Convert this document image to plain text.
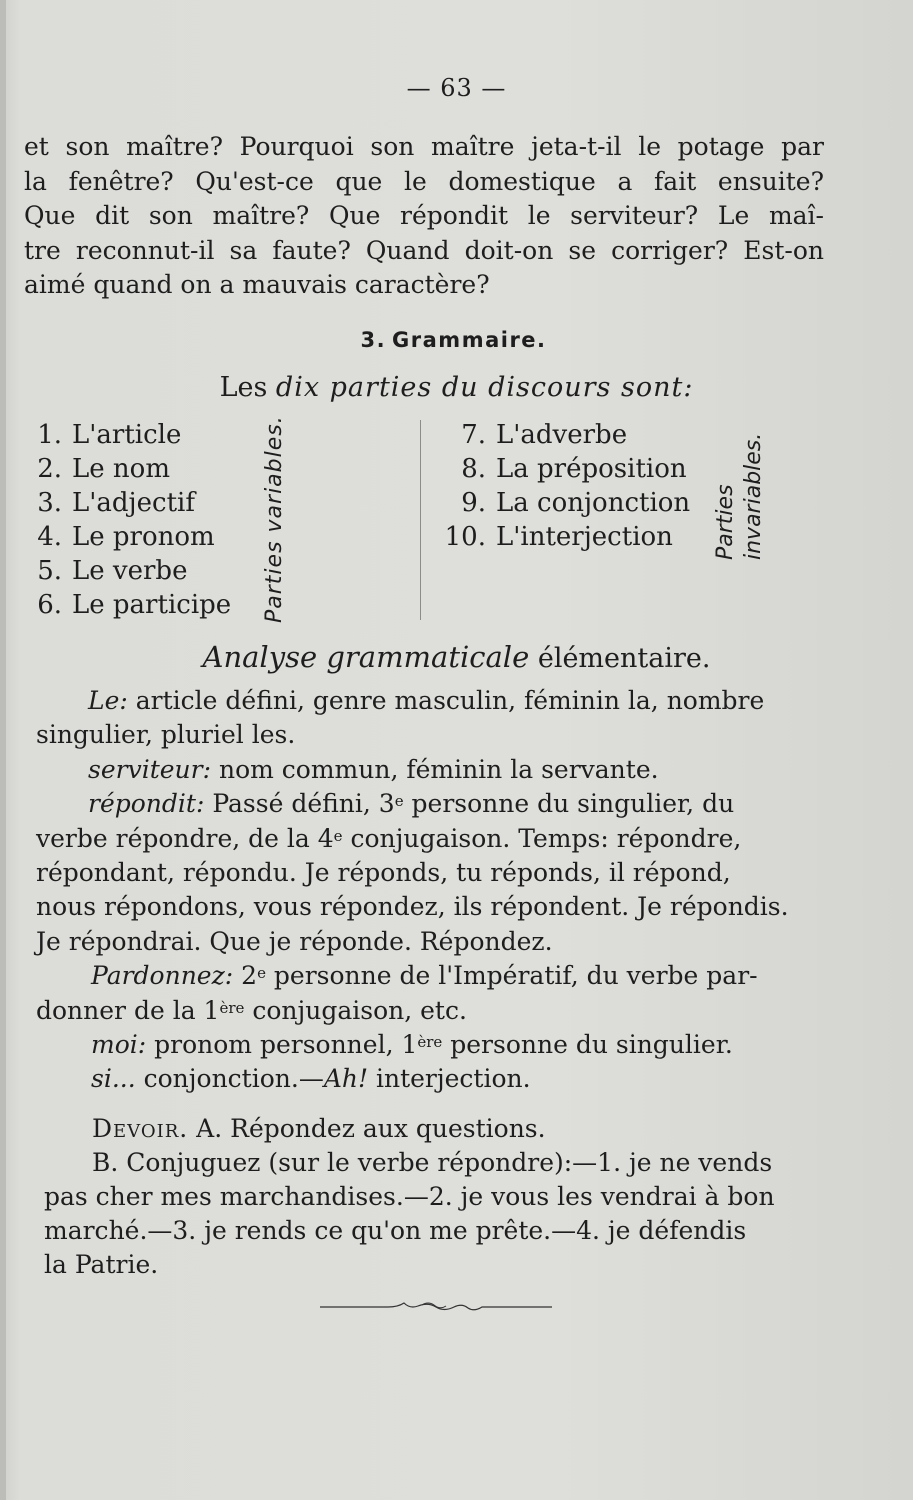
— 63 —
et son maître? Pourquoi son maître jeta-t-il le potage par
la fenêtre? Qu'est-ce que le domestique a fait ensuite?
Que dit son maître? Que répondit le serviteur? Le maî-
tre reconnut-il sa faute? Quand doit-on se corriger? Est-on
aimé quand on a mauvais caractère?
3. Grammaire.
Les dix parties du discours sont:
1. L'article
2. Le nom
3. L'adjectif
4. Le pronom
5. Le verbe
6. Le participe Parties variables.	7. L'adverbe
8. La préposition
9. La conjonction
10. L'interjection	Parties invariables.
Analyse grammaticale élémentaire.
Le: article défini, genre masculin, féminin la, nombre
singulier, pluriel les.
serviteur: nom commun, féminin la servante.
répondit: Passé défini, 3e personne du singulier, du
verbe répondre, de la 4e conjugaison. Temps: répondre,
répondant, répondu. Je réponds, tu réponds, il répond,
nous répondons, vous répondez, ils répondent. Je répondis.
Je répondrai. Que je réponde. Répondez.
Pardonnez: 2e personne de l'Impératif, du verbe par-
donner de la 1ère conjugaison, etc.
moi: pronom personnel, 1ère personne du singulier.
si... conjonction.—Ah! interjection.
Devoir. A. Répondez aux questions.
B. Conjuguez (sur le verbe répondre):—1. je ne vends
pas cher mes marchandises.—2. je vous les vendrai à bon
marché.—3. je rends ce qu'on me prête.—4. je défendis
la Patrie.
